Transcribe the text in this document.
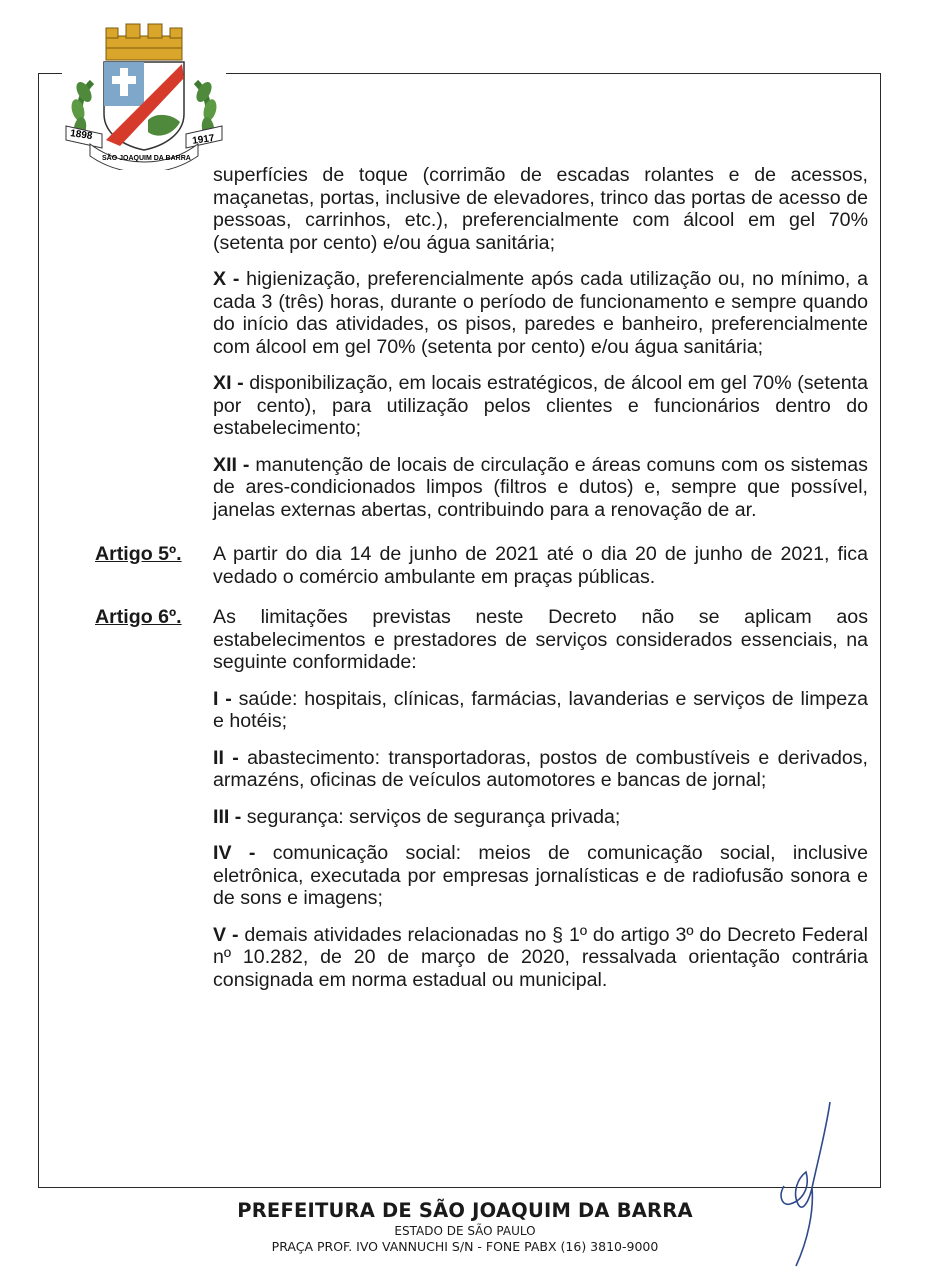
1898	1917
SÃO JOAQUIM DA BARRA

superfícies de toque (corrimão de escadas rolantes e de acessos, maçanetas, portas, inclusive de elevadores, trinco das portas de acesso de pessoas, carrinhos, etc.), preferencialmente com álcool em gel 70% (setenta por cento) e/ou água sanitária;

X - higienização, preferencialmente após cada utilização ou, no mínimo, a cada 3 (três) horas, durante o período de funcionamento e sempre quando do início das atividades, os pisos, paredes e banheiro, preferencialmente com álcool em gel 70% (setenta por cento) e/ou água sanitária;

XI - disponibilização, em locais estratégicos, de álcool em gel 70% (setenta por cento), para utilização pelos clientes e funcionários dentro do estabelecimento;

XII - manutenção de locais de circulação e áreas comuns com os sistemas de ares-condicionados limpos (filtros e dutos) e, sempre que possível, janelas externas abertas, contribuindo para a renovação de ar.

Artigo 5º.	A partir do dia 14 de junho de 2021 até o dia 20 de junho de 2021, fica vedado o comércio ambulante em praças públicas.
Artigo 6º.	As limitações previstas neste Decreto não se aplicam aos estabelecimentos e prestadores de serviços considerados essenciais, na seguinte conformidade:

I - saúde: hospitais, clínicas, farmácias, lavanderias e serviços de limpeza e hotéis;

II - abastecimento: transportadoras, postos de combustíveis e derivados, armazéns, oficinas de veículos automotores e bancas de jornal;

III - segurança: serviços de segurança privada;

IV - comunicação social: meios de comunicação social, inclusive eletrônica, executada por empresas jornalísticas e de radiofusão sonora e de sons e imagens;

V - demais atividades relacionadas no § 1º do artigo 3º do Decreto Federal nº 10.282, de 20 de março de 2020, ressalvada orientação contrária consignada em norma estadual ou municipal.

PREFEITURA DE SÃO JOAQUIM DA BARRA
ESTADO DE SÃO PAULO
PRAÇA PROF. IVO VANNUCHI S/N - FONE PABX (16) 3810-9000
